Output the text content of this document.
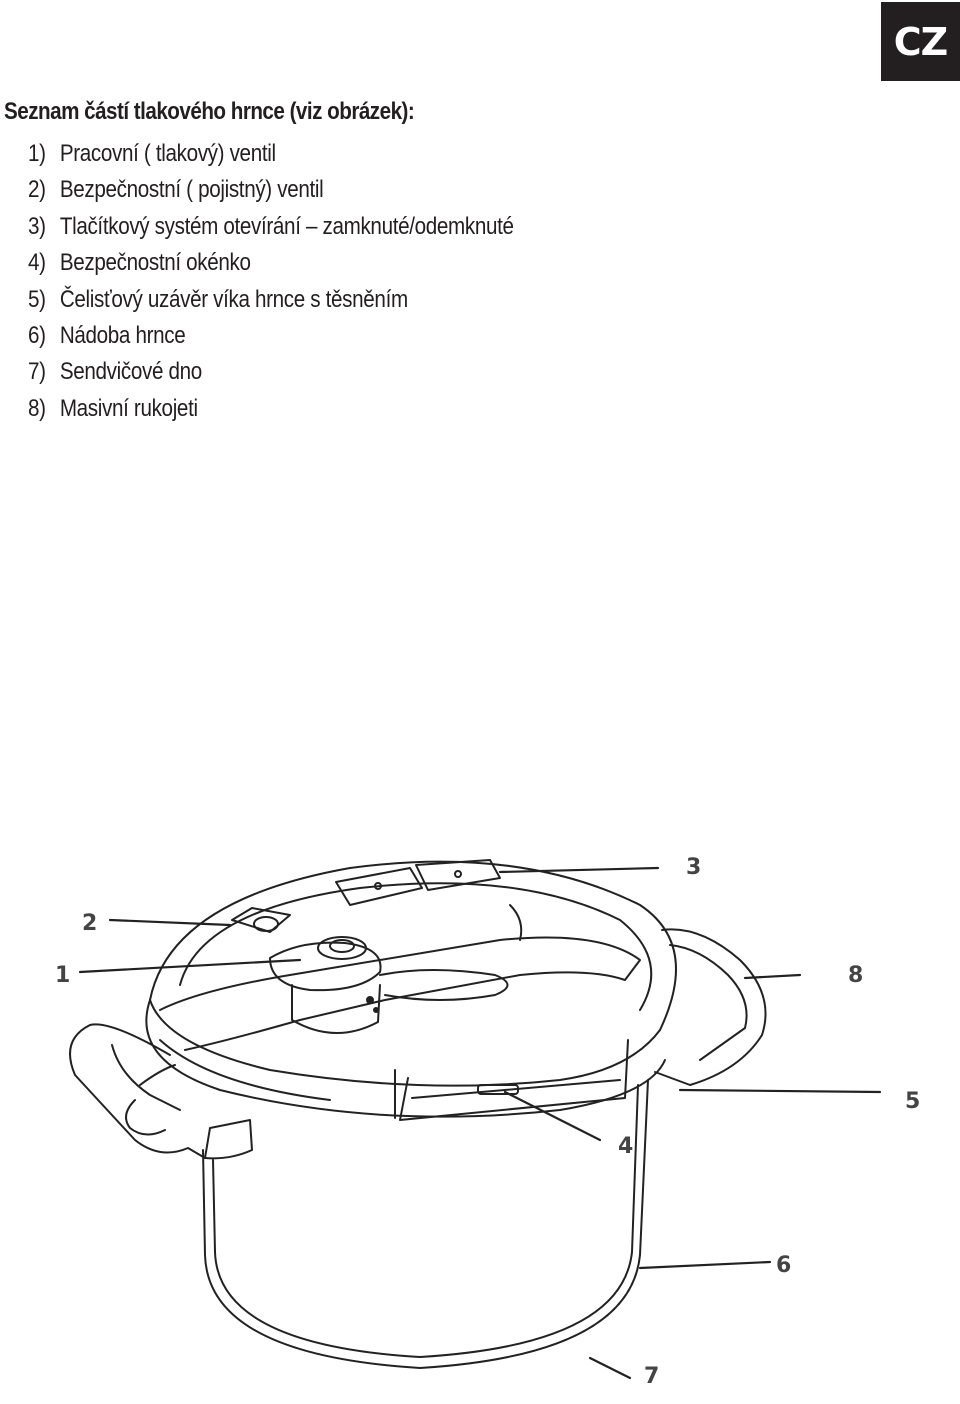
CZ
Seznam částí tlakového hrnce (viz obrázek):
1) Pracovní ( tlakový) ventil
2) Bezpečnostní ( pojistný) ventil
3) Tlačítkový systém otevírání – zamknuté/odemknuté
4) Bezpečnostní okénko
5) Čelisťový uzávěr víka hrnce s těsněním
6) Nádoba hrnce
7) Sendvičové dno
8) Masivní rukojeti
1
2
3
4
5
6
7
8
